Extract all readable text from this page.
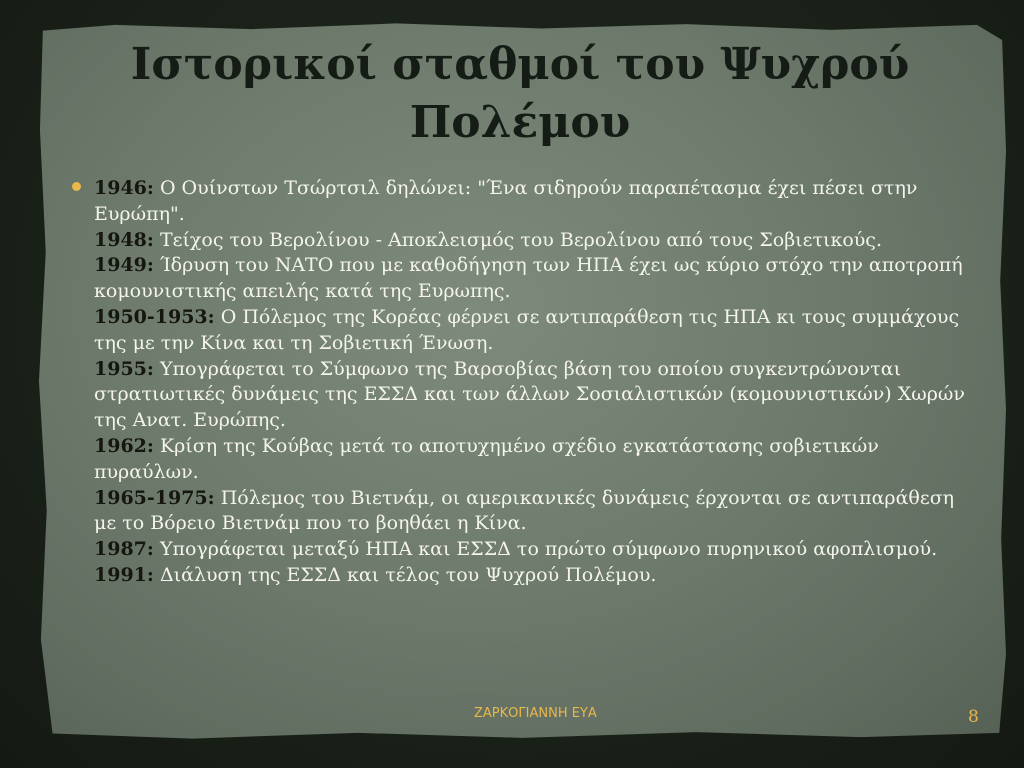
Ιστορικοί σταθμοί του Ψυχρού Πολέμου
1946: Ο Ουίνστων Τσώρτσιλ δηλώνει: "Ένα σιδηρούν παραπέτασμα έχει πέσει στην Ευρώπη".
1948: Τείχος του Βερολίνου - Αποκλεισμός του Βερολίνου από τους Σοβιετικούς.
1949: Ίδρυση του ΝΑΤΟ που με καθοδήγηση των ΗΠΑ έχει ως κύριο στόχο την αποτροπή κομουνιστικής απειλής κατά της Ευρωπης.
1950-1953: Ο Πόλεμος της Κορέας φέρνει σε αντιπαράθεση τις ΗΠΑ κι τους συμμάχους της με την Κίνα και τη Σοβιετική Ένωση.
1955: Υπογράφεται το Σύμφωνο της Βαρσοβίας βάση του οποίου συγκεντρώνονται στρατιωτικές δυνάμεις της ΕΣΣΔ και των άλλων Σοσιαλιστικών (κομουνιστικών) Χωρών της Ανατ. Ευρώπης.
1962: Κρίση της Κούβας μετά το αποτυχημένο σχέδιο εγκατάστασης σοβιετικών πυραύλων.
1965-1975: Πόλεμος του Βιετνάμ, οι αμερικανικές δυνάμεις έρχονται σε αντιπαράθεση με το Βόρειο Βιετνάμ που το βοηθάει η Κίνα.
1987: Υπογράφεται μεταξύ ΗΠΑ και ΕΣΣΔ το πρώτο σύμφωνο πυρηνικού αφοπλισμού.
1991: Διάλυση της ΕΣΣΔ και τέλος του Ψυχρού Πολέμου.
ΖΑΡΚΟΓΙΑΝΝΗ ΕΥΑ	8
